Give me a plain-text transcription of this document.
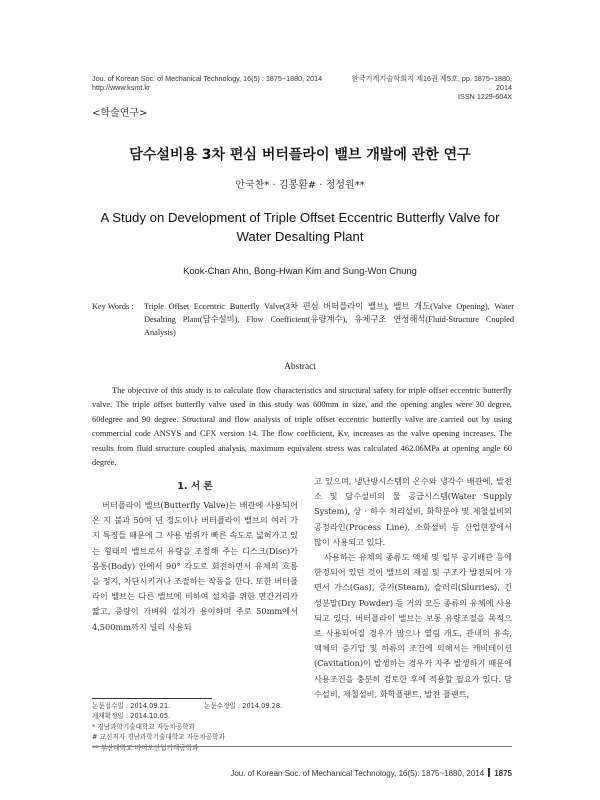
Jou. of Korean Soc. of Mechanical Technology, 16(5) : 1875~1880, 2014
http://www.ksmt.kr
한국기계기술학회지 제16권 제5호, pp. 1875~1880, 2014
ISSN 1229-604X
<학술연구>
담수설비용 3차 편심 버터플라이 밸브 개발에 관한 연구
안국찬* · 김봉환# · 정성원**
A Study on Development of Triple Offset Eccentric Butterfly Valve for
Water Desalting Plant
Kook-Chan Ahn, Bong-Hwan Kim and Sung-Won Chung
Key Words : Triple Offset Eccentric Butterfly Valve(3차 편심 버터플라이 밸브), 밸브 개도(Valve Opening), Water Desalting Plant(담수설비), Flow Coefficient(유량계수), 유체구조 연성해석(Fluid-Structure Coupled Analysis)
Abstract
The objective of this study is to calculate flow characteristics and structural safety for triple offset eccentric butterfly valve. The triple offset butterfly valve used in this study was 600mm in size, and the opening angles were 30 degree, 60degree and 90 degree. Structural and flow analysis of triple offset eccentric butterfly valve are carried out by using commercial code ANSYS and CFX version 14. The flow coefficient, Kv, increases as the valve opening increases. The results from fluid structure coupled analysis, maximum equivalent stress was calculated 462.06MPa at opening angle 60 degree.
1. 서 론

버터플라이 밸브(Butterfly Valve)는 배관에 사용되어 온 지 불과 50여 년 정도이나 버터플라이 밸브의 여러 가지 특징들 때문에 그 사용 범위가 빠른 속도로 넓혀가고 있는 형태의 밸브로서 유량을 조절해 주는 디스크(Disc)가 몸통(Body) 안에서 90° 각도로 회전하면서 유체의 흐름을 정지, 차단시키거나 조절하는 작동을 한다. 또한 버터플라이 밸브는 다른 밸브에 비하여 설치를 위한 면간거리가 짧고, 중량이 가벼워 설치가 용이하며 주로 50mm에서 4,500mm까지 널리 사용되

고 있으며, 냉난방시스템의 온수와 냉각수 배관에, 발전소 및 담수설비의 물 공급시스템(Water Supply System), 상 · 하수 처리설비, 화학분야 및 제철설비의 공정라인(Process Line), 소화설비 등 산업현장에서 많이 사용되고 있다.

사용하는 유체의 종류도 액체 및 일부 공기배관 등에 한정되어 있던 것이 밸브의 재질 및 구조가 발전되어 가면서 가스(Gas), 증기(Steam), 슬러리(Slurries), 건성분말(Dry Powder) 등 거의 모든 종류의 유체에 사용되고 있다. 버터플라이 밸브는 보통 유량조절을 목적으로 사용되어질 경우가 많으나 열림 개도, 관내의 유속, 액체의 증기압 및 하류의 조건에 의해서는 캐비테이션(Cavitation)이 발생하는 경우가 자주 발생하기 때문에 사용조건을 충분히 검토한 후에 적용할 필요가 있다. 담수설비, 제철설비, 화학플랜트, 발전 플랜트,

논문접수일 : 2014.09.21.	논문수정일 : 2014.09.28.
게재확정일 : 2014.10.05.
* 경남과학기술대학교 자동차공학과
# 교신저자 경남과학기술대학교 자동차공학과
** 부산대학교 바이오산업기계공학과
Jou. of Korean Soc. of Mechanical Technology, 16(5): 1875~1880, 2014 1875
